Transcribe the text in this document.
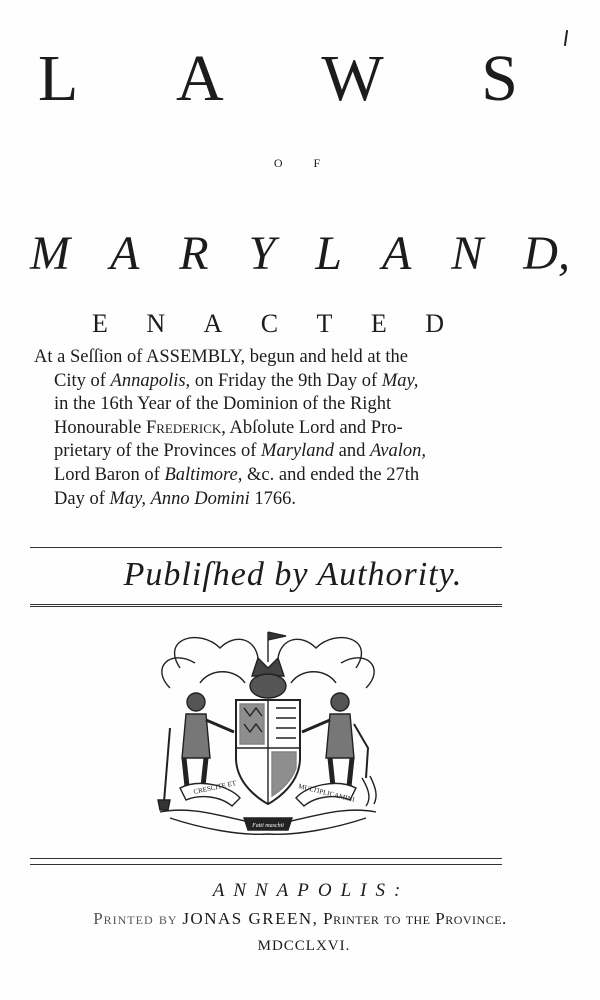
L A W S
O F
M A R Y L A N D,
E N A C T E D
At a Seſſion of ASSEMBLY, begun and held at the
City of Annapolis, on Friday the 9th Day of May,
in the 16th Year of the Dominion of the Right
Honourable Frederick, Abſolute Lord and Pro-
prietary of the Provinces of Maryland and Avalon,
Lord Baron of Baltimore, &c. and ended the 27th
Day of May, Anno Domini 1766.
Publiſhed by Authority.
CRESCITE ET	MULTIPLICAMINI
Fatti maschii
ANNAPOLIS:
Printed by JONAS GREEN, Printer to the Province.
MDCCLXVI.
